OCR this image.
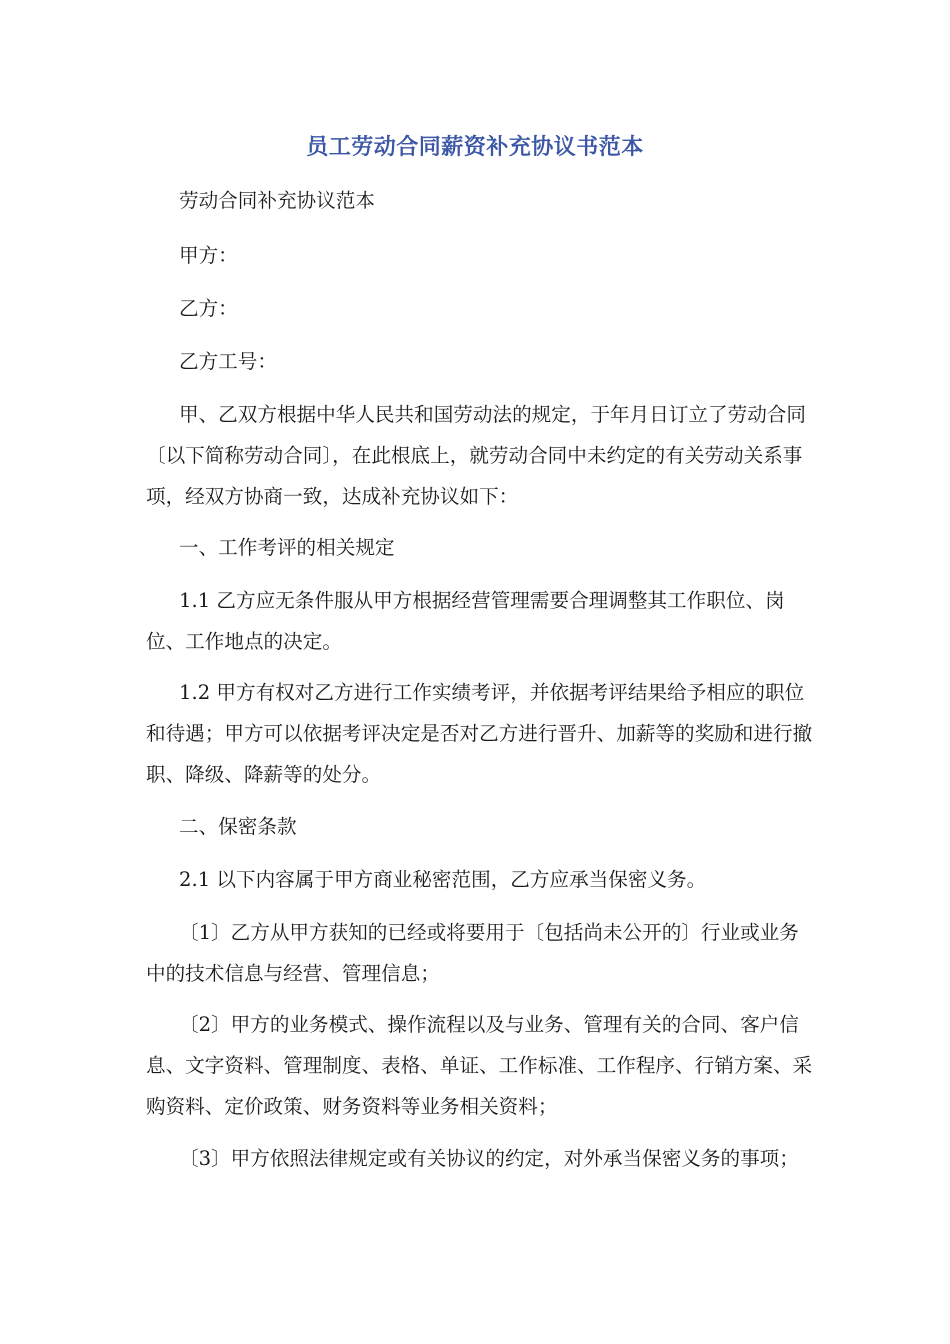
员工劳动合同薪资补充协议书范本

劳动合同补充协议范本

甲方：

乙方：

乙方工号：

甲、乙双方根据中华人民共和国劳动法的规定，于年月日订立了劳动合同〔以下简称劳动合同〕，在此根底上，就劳动合同中未约定的有关劳动关系事项，经双方协商一致，达成补充协议如下：

一、工作考评的相关规定

1.1 乙方应无条件服从甲方根据经营管理需要合理调整其工作职位、岗位、工作地点的决定。

1.2 甲方有权对乙方进行工作实绩考评，并依据考评结果给予相应的职位和待遇；甲方可以依据考评决定是否对乙方进行晋升、加薪等的奖励和进行撤职、降级、降薪等的处分。

二、保密条款

2.1 以下内容属于甲方商业秘密范围，乙方应承当保密义务。

〔1〕乙方从甲方获知的已经或将要用于〔包括尚未公开的〕行业或业务中的技术信息与经营、管理信息；

〔2〕甲方的业务模式、操作流程以及与业务、管理有关的合同、客户信息、文字资料、管理制度、表格、单证、工作标准、工作程序、行销方案、采购资料、定价政策、财务资料等业务相关资料；

〔3〕甲方依照法律规定或有关协议的约定，对外承当保密义务的事项；
